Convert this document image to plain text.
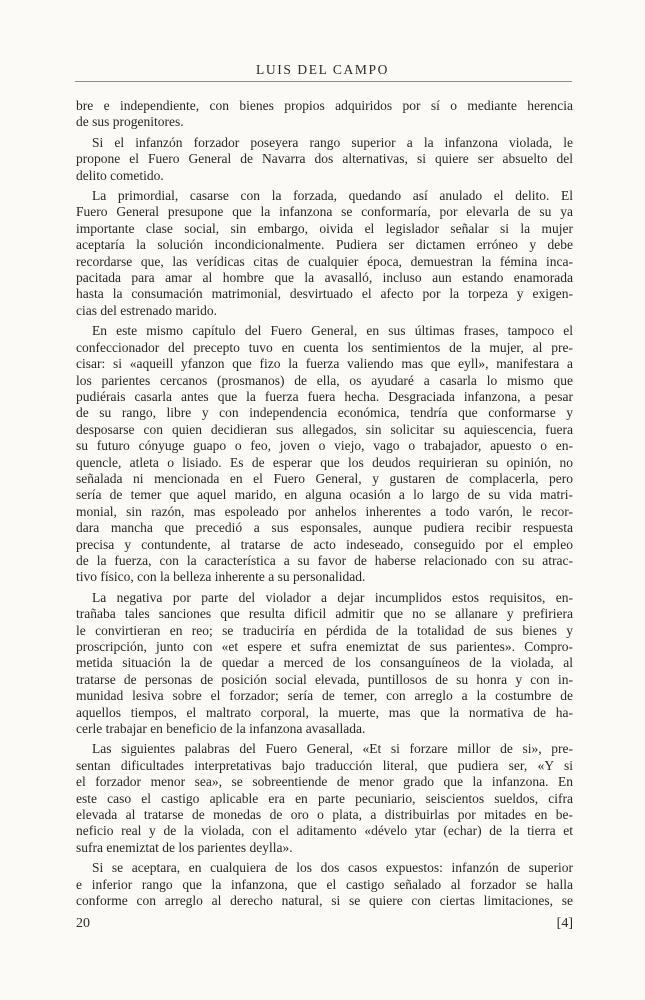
LUIS DEL CAMPO
bre e independiente, con bienes propios adquiridos por sí o mediante herencia
de sus progenitores.
Si el infanzón forzador poseyera rango superior a la infanzona violada, le
propone el Fuero General de Navarra dos alternativas, si quiere ser absuelto del
delito cometido.
La primordial, casarse con la forzada, quedando así anulado el delito. El
Fuero General presupone que la infanzona se conformaría, por elevarla de su ya
importante clase social, sin embargo, oivida el legislador señalar si la mujer
aceptaría la solución incondicionalmente. Pudiera ser dictamen erróneo y debe
recordarse que, las verídicas citas de cualquier época, demuestran la fémina inca-
pacitada para amar al hombre que la avasalló, incluso aun estando enamorada
hasta la consumación matrimonial, desvirtuado el afecto por la torpeza y exigen-
cias del estrenado marido.
En este mismo capítulo del Fuero General, en sus últimas frases, tampoco el
confeccionador del precepto tuvo en cuenta los sentimientos de la mujer, al pre-
cisar: si «aqueill yfanzon que fizo la fuerza valiendo mas que eyll», manifestara a
los parientes cercanos (prosmanos) de ella, os ayudaré a casarla lo mismo que
pudiérais casarla antes que la fuerza fuera hecha. Desgraciada infanzona, a pesar
de su rango, libre y con independencia económica, tendría que conformarse y
desposarse con quien decidieran sus allegados, sin solicitar su aquiescencia, fuera
su futuro cónyuge guapo o feo, joven o viejo, vago o trabajador, apuesto o en-
quencle, atleta o lisiado. Es de esperar que los deudos requirieran su opinión, no
señalada ni mencionada en el Fuero General, y gustaren de complacerla, pero
sería de temer que aquel marido, en alguna ocasión a lo largo de su vida matri-
monial, sin razón, mas espoleado por anhelos inherentes a todo varón, le recor-
dara mancha que precedió a sus esponsales, aunque pudiera recibir respuesta
precisa y contundente, al tratarse de acto indeseado, conseguido por el empleo
de la fuerza, con la característica a su favor de haberse relacionado con su atrac-
tivo físico, con la belleza inherente a su personalidad.
La negativa por parte del violador a dejar incumplidos estos requisitos, en-
trañaba tales sanciones que resulta dificil admitir que no se allanare y prefiriera
le convirtieran en reo; se traduciría en pérdida de la totalidad de sus bienes y
proscripción, junto con «et espere et sufra enemiztat de sus parientes». Compro-
metida situación la de quedar a merced de los consanguíneos de la violada, al
tratarse de personas de posición social elevada, puntillosos de su honra y con in-
munidad lesiva sobre el forzador; sería de temer, con arreglo a la costumbre de
aquellos tiempos, el maltrato corporal, la muerte, mas que la normativa de ha-
cerle trabajar en beneficio de la infanzona avasallada.
Las siguientes palabras del Fuero General, «Et si forzare millor de si», pre-
sentan dificultades interpretativas bajo traducción literal, que pudiera ser, «Y si
el forzador menor sea», se sobreentiende de menor grado que la infanzona. En
este caso el castigo aplicable era en parte pecuniario, seiscientos sueldos, cifra
elevada al tratarse de monedas de oro o plata, a distribuirlas por mitades en be-
neficio real y de la violada, con el aditamento «dévelo ytar (echar) de la tierra et
sufra enemiztat de los parientes deylla».
Si se aceptara, en cualquiera de los dos casos expuestos: infanzón de superior
e inferior rango que la infanzona, que el castigo señalado al forzador se halla
conforme con arreglo al derecho natural, si se quiere con ciertas limitaciones, se
20	[4]
